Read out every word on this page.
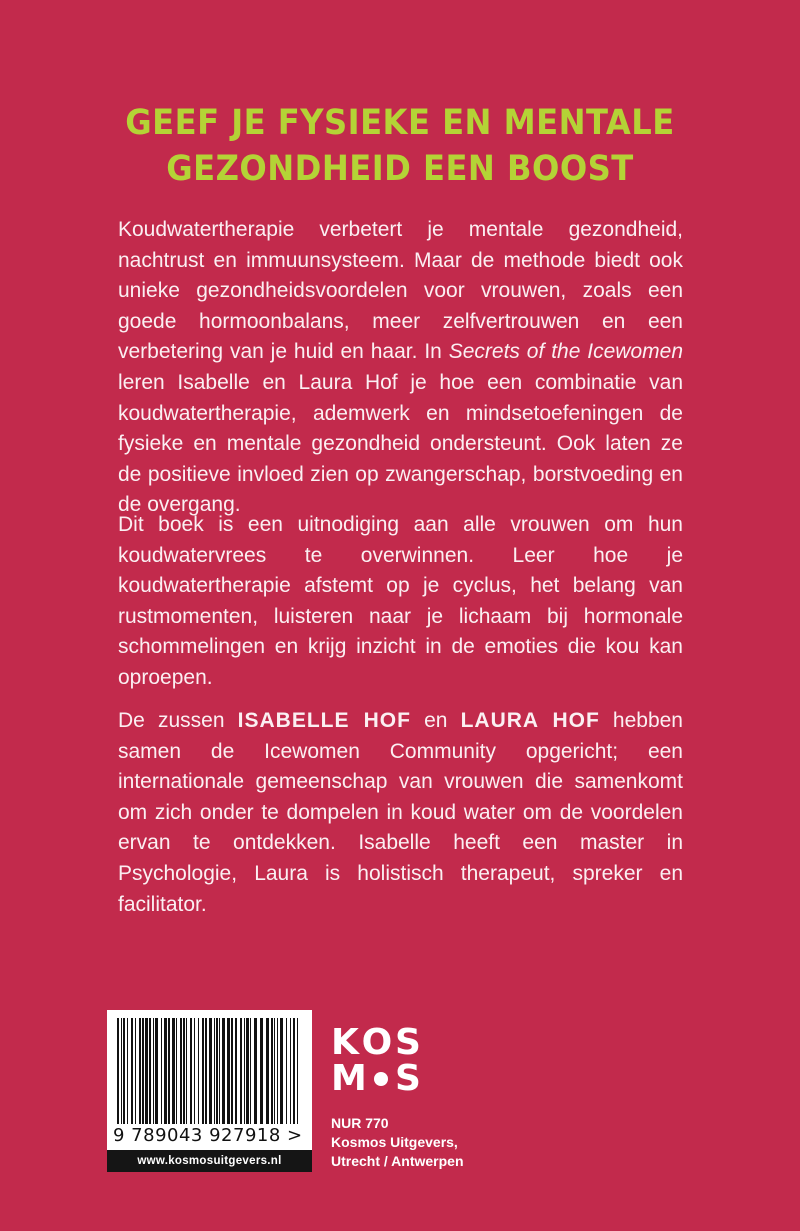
GEEF JE FYSIEKE EN MENTALE
GEZONDHEID EEN BOOST
Koudwatertherapie verbetert je mentale gezondheid, nachtrust en immuunsysteem. Maar de methode biedt ook unieke gezondheidsvoordelen voor vrouwen, zoals een goede hormoonbalans, meer zelfvertrouwen en een verbetering van je huid en haar. In Secrets of the Icewomen leren Isabelle en Laura Hof je hoe een combinatie van koudwatertherapie, ademwerk en mindsetoefeningen de fysieke en mentale gezondheid ondersteunt. Ook laten ze de positieve invloed zien op zwangerschap, borstvoeding en de overgang.
Dit boek is een uitnodiging aan alle vrouwen om hun koudwatervrees te overwinnen. Leer hoe je koudwatertherapie afstemt op je cyclus, het belang van rustmomenten, luisteren naar je lichaam bij hormonale schommelingen en krijg inzicht in de emoties die kou kan oproepen.
De zussen ISABELLE HOF en LAURA HOF hebben samen de Icewomen Community opgericht; een internationale gemeenschap van vrouwen die samenkomt om zich onder te dompelen in koud water om de voordelen ervan te ontdekken. Isabelle heeft een master in Psychologie, Laura is holistisch therapeut, spreker en facilitator.
9 789043 927918 >
www.kosmosuitgevers.nl
K O S
M S
NUR 770
Kosmos Uitgevers,
Utrecht / Antwerpen
